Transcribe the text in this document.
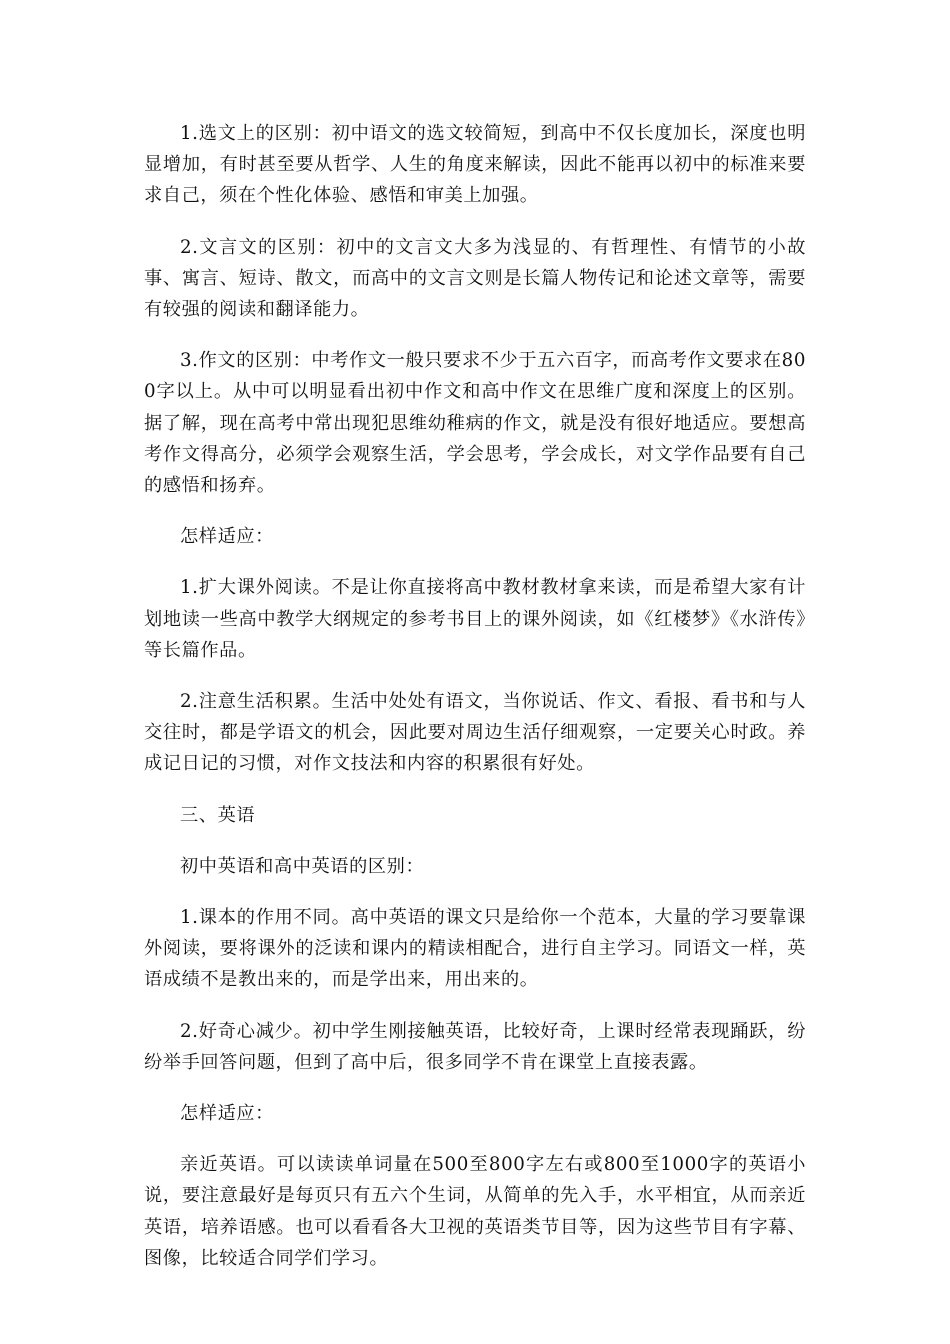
1.选文上的区别：初中语文的选文较简短，到高中不仅长度加长，深度也明显增加，有时甚至要从哲学、人生的角度来解读，因此不能再以初中的标准来要求自己，须在个性化体验、感悟和审美上加强。

2.文言文的区别：初中的文言文大多为浅显的、有哲理性、有情节的小故事、寓言、短诗、散文，而高中的文言文则是长篇人物传记和论述文章等，需要有较强的阅读和翻译能力。

3.作文的区别：中考作文一般只要求不少于五六百字，而高考作文要求在800字以上。从中可以明显看出初中作文和高中作文在思维广度和深度上的区别。据了解，现在高考中常出现犯思维幼稚病的作文，就是没有很好地适应。要想高考作文得高分，必须学会观察生活，学会思考，学会成长，对文学作品要有自己的感悟和扬弃。

怎样适应：

1.扩大课外阅读。不是让你直接将高中教材教材拿来读，而是希望大家有计划地读一些高中教学大纲规定的参考书目上的课外阅读，如《红楼梦》《水浒传》等长篇作品。

2.注意生活积累。生活中处处有语文，当你说话、作文、看报、看书和与人交往时，都是学语文的机会，因此要对周边生活仔细观察，一定要关心时政。养成记日记的习惯，对作文技法和内容的积累很有好处。

三、英语

初中英语和高中英语的区别：

1.课本的作用不同。高中英语的课文只是给你一个范本，大量的学习要靠课外阅读，要将课外的泛读和课内的精读相配合，进行自主学习。同语文一样，英语成绩不是教出来的，而是学出来，用出来的。

2.好奇心减少。初中学生刚接触英语，比较好奇，上课时经常表现踊跃，纷纷举手回答问题，但到了高中后，很多同学不肯在课堂上直接表露。

怎样适应：

亲近英语。可以读读单词量在500至800字左右或800至1000字的英语小说，要注意最好是每页只有五六个生词，从简单的先入手，水平相宜，从而亲近英语，培养语感。也可以看看各大卫视的英语类节目等，因为这些节目有字幕、图像，比较适合同学们学习。
